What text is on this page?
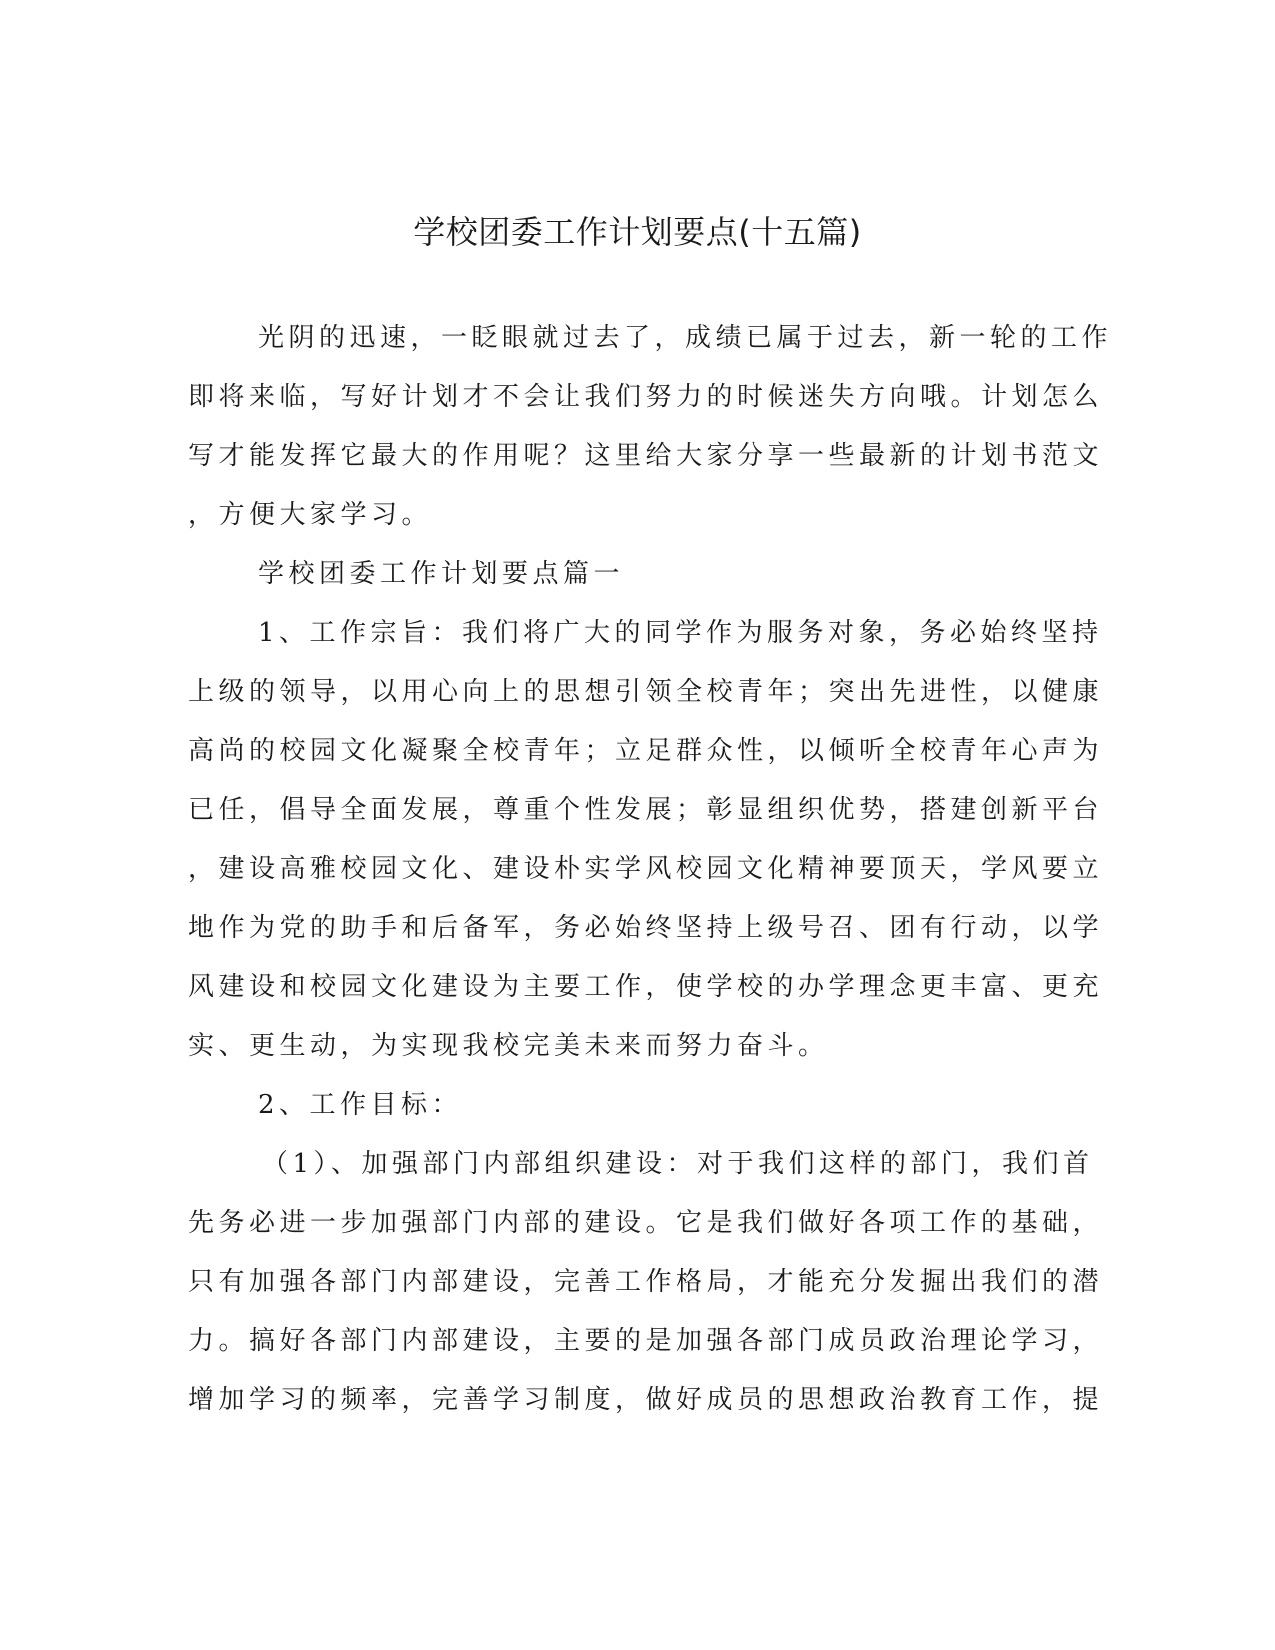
学校团委工作计划要点(十五篇)
光阴的迅速，一眨眼就过去了，成绩已属于过去，新一轮的工作
即将来临，写好计划才不会让我们努力的时候迷失方向哦。计划怎么
写才能发挥它最大的作用呢？这里给大家分享一些最新的计划书范文
，方便大家学习。
学校团委工作计划要点篇一
1、工作宗旨：我们将广大的同学作为服务对象，务必始终坚持
上级的领导，以用心向上的思想引领全校青年；突出先进性，以健康
高尚的校园文化凝聚全校青年；立足群众性，以倾听全校青年心声为
已任，倡导全面发展，尊重个性发展；彰显组织优势，搭建创新平台
，建设高雅校园文化、建设朴实学风校园文化精神要顶天，学风要立
地作为党的助手和后备军，务必始终坚持上级号召、团有行动，以学
风建设和校园文化建设为主要工作，使学校的办学理念更丰富、更充
实、更生动，为实现我校完美未来而努力奋斗。
2、工作目标：
（1）、加强部门内部组织建设：对于我们这样的部门，我们首
先务必进一步加强部门内部的建设。它是我们做好各项工作的基础，
只有加强各部门内部建设，完善工作格局，才能充分发掘出我们的潜
力。搞好各部门内部建设，主要的是加强各部门成员政治理论学习，
增加学习的频率，完善学习制度，做好成员的思想政治教育工作，提
